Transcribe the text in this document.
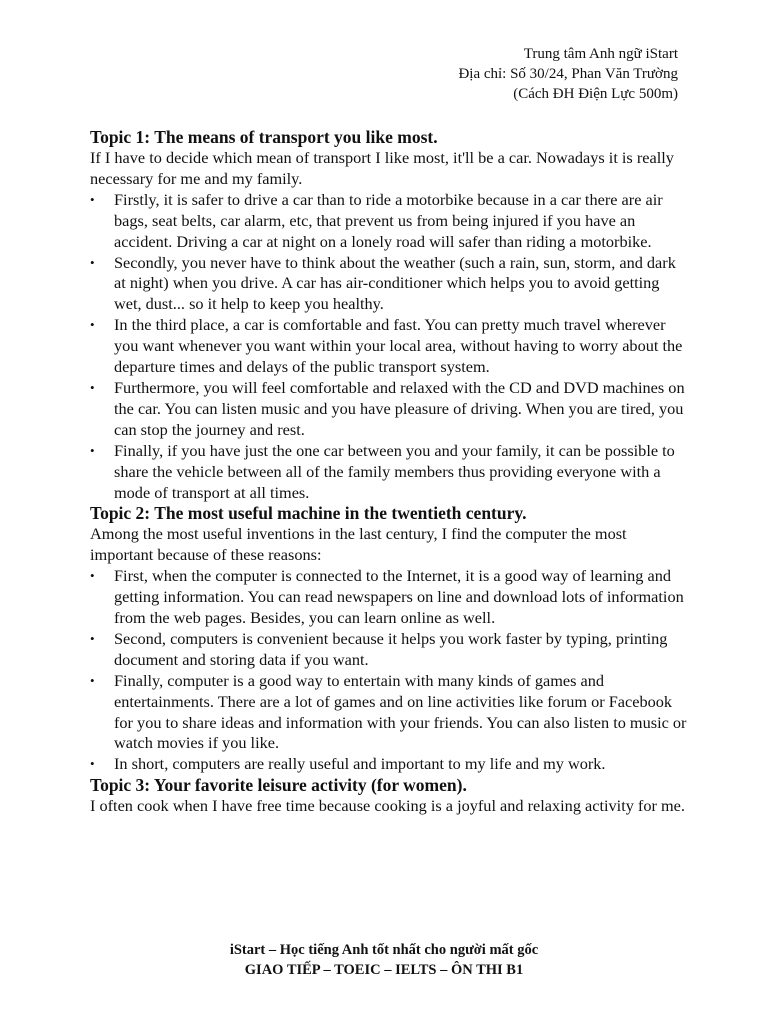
Trung tâm Anh ngữ iStart
Địa chỉ: Số 30/24, Phan Văn Trường
(Cách ĐH Điện Lực 500m)

Topic 1: The means of transport you like most.

If I have to decide which mean of transport I like most, it'll be a car. Nowadays it is really necessary for me and my family.

• Firstly, it is safer to drive a car than to ride a motorbike because in a car there are air bags, seat belts, car alarm, etc, that prevent us from being injured if you have an accident. Driving a car at night on a lonely road will safer than riding a motorbike.
• Secondly, you never have to think about the weather (such a rain, sun, storm, and dark at night) when you drive. A car has air-conditioner which helps you to avoid getting wet, dust... so it help to keep you healthy.
• In the third place, a car is comfortable and fast. You can pretty much travel wherever you want whenever you want within your local area, without having to worry about the departure times and delays of the public transport system.
• Furthermore, you will feel comfortable and relaxed with the CD and DVD machines on the car. You can listen music and you have pleasure of driving. When you are tired, you can stop the journey and rest.
• Finally, if you have just the one car between you and your family, it can be possible to share the vehicle between all of the family members thus providing everyone with a mode of transport at all times.

Topic 2: The most useful machine in the twentieth century.

Among the most useful inventions in the last century, I find the computer the most important because of these reasons:

• First, when the computer is connected to the Internet, it is a good way of learning and getting information. You can read newspapers on line and download lots of information from the web pages. Besides, you can learn online as well.
• Second, computers is convenient because it helps you work faster by typing, printing document and storing data if you want.
• Finally, computer is a good way to entertain with many kinds of games and entertainments. There are a lot of games and on line activities like forum or Facebook for you to share ideas and information with your friends. You can also listen to music or watch movies if you like.
• In short, computers are really useful and important to my life and my work.

Topic 3: Your favorite leisure activity (for women).

I often cook when I have free time because cooking is a joyful and relaxing activity for me.

iStart – Học tiếng Anh tốt nhất cho người mất gốc
GIAO TIẾP – TOEIC – IELTS – ÔN THI B1
